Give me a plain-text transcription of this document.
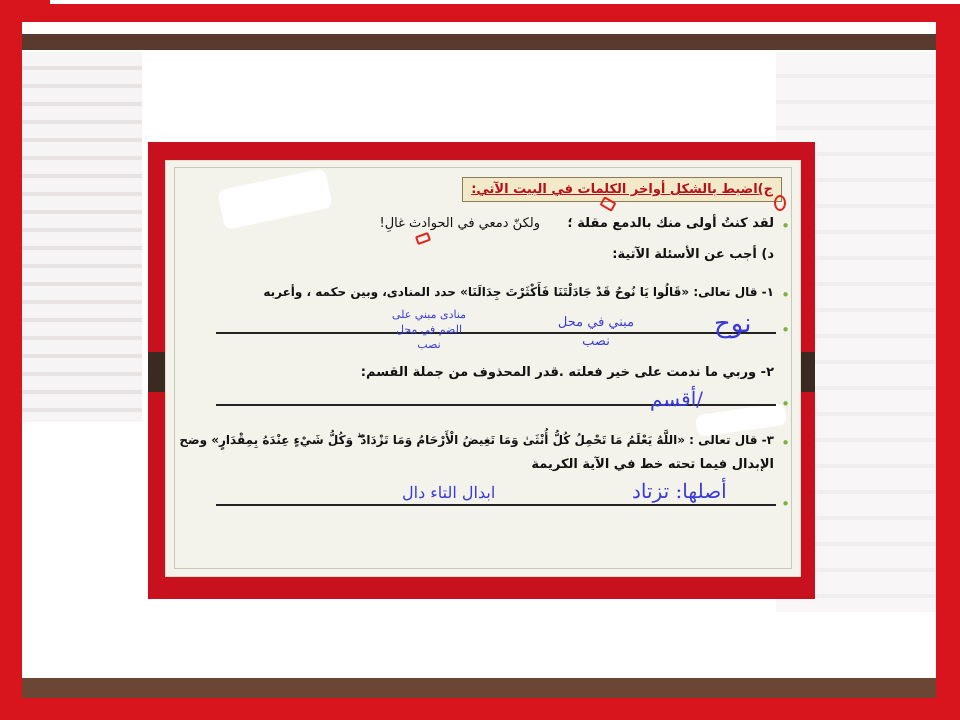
ج)اضبط بالشكل أواخر الكلمات في البيت الآتي:
•
لقد كنتُ أولى منك بالدمع مقلة ؛
ولكنّ دمعي في الحوادث غالِ!
د) أجب عن الأسئلة الآتية:
•
١- قال تعالى: «قَالُوا يَا نُوحُ قَدْ جَادَلْتَنَا فَأَكْثَرْتَ جِدَالَنَا» حدد المنادى، وبين حكمه ، وأعربه
•
نوح
مبني في محل نصب
منادى مبني على الضم في محل نصب
٢- وربي ما ندمت على خير فعلته .قدر المحذوف من جملة القسم:
•
/أقسم
•
٣- قال تعالى : «اللَّهُ يَعْلَمُ مَا تَحْمِلُ كُلُّ أُنْثَىٰ وَمَا تَغِيضُ الْأَرْحَامُ وَمَا تَزْدَادُ ۖ وَكُلُّ شَيْءٍ عِنْدَهُ بِمِقْدَارٍ» وضح
الإبدال فيما تحته خط في الآية الكريمة
•
أصلها: تزتاد
ابدال التاء دال
